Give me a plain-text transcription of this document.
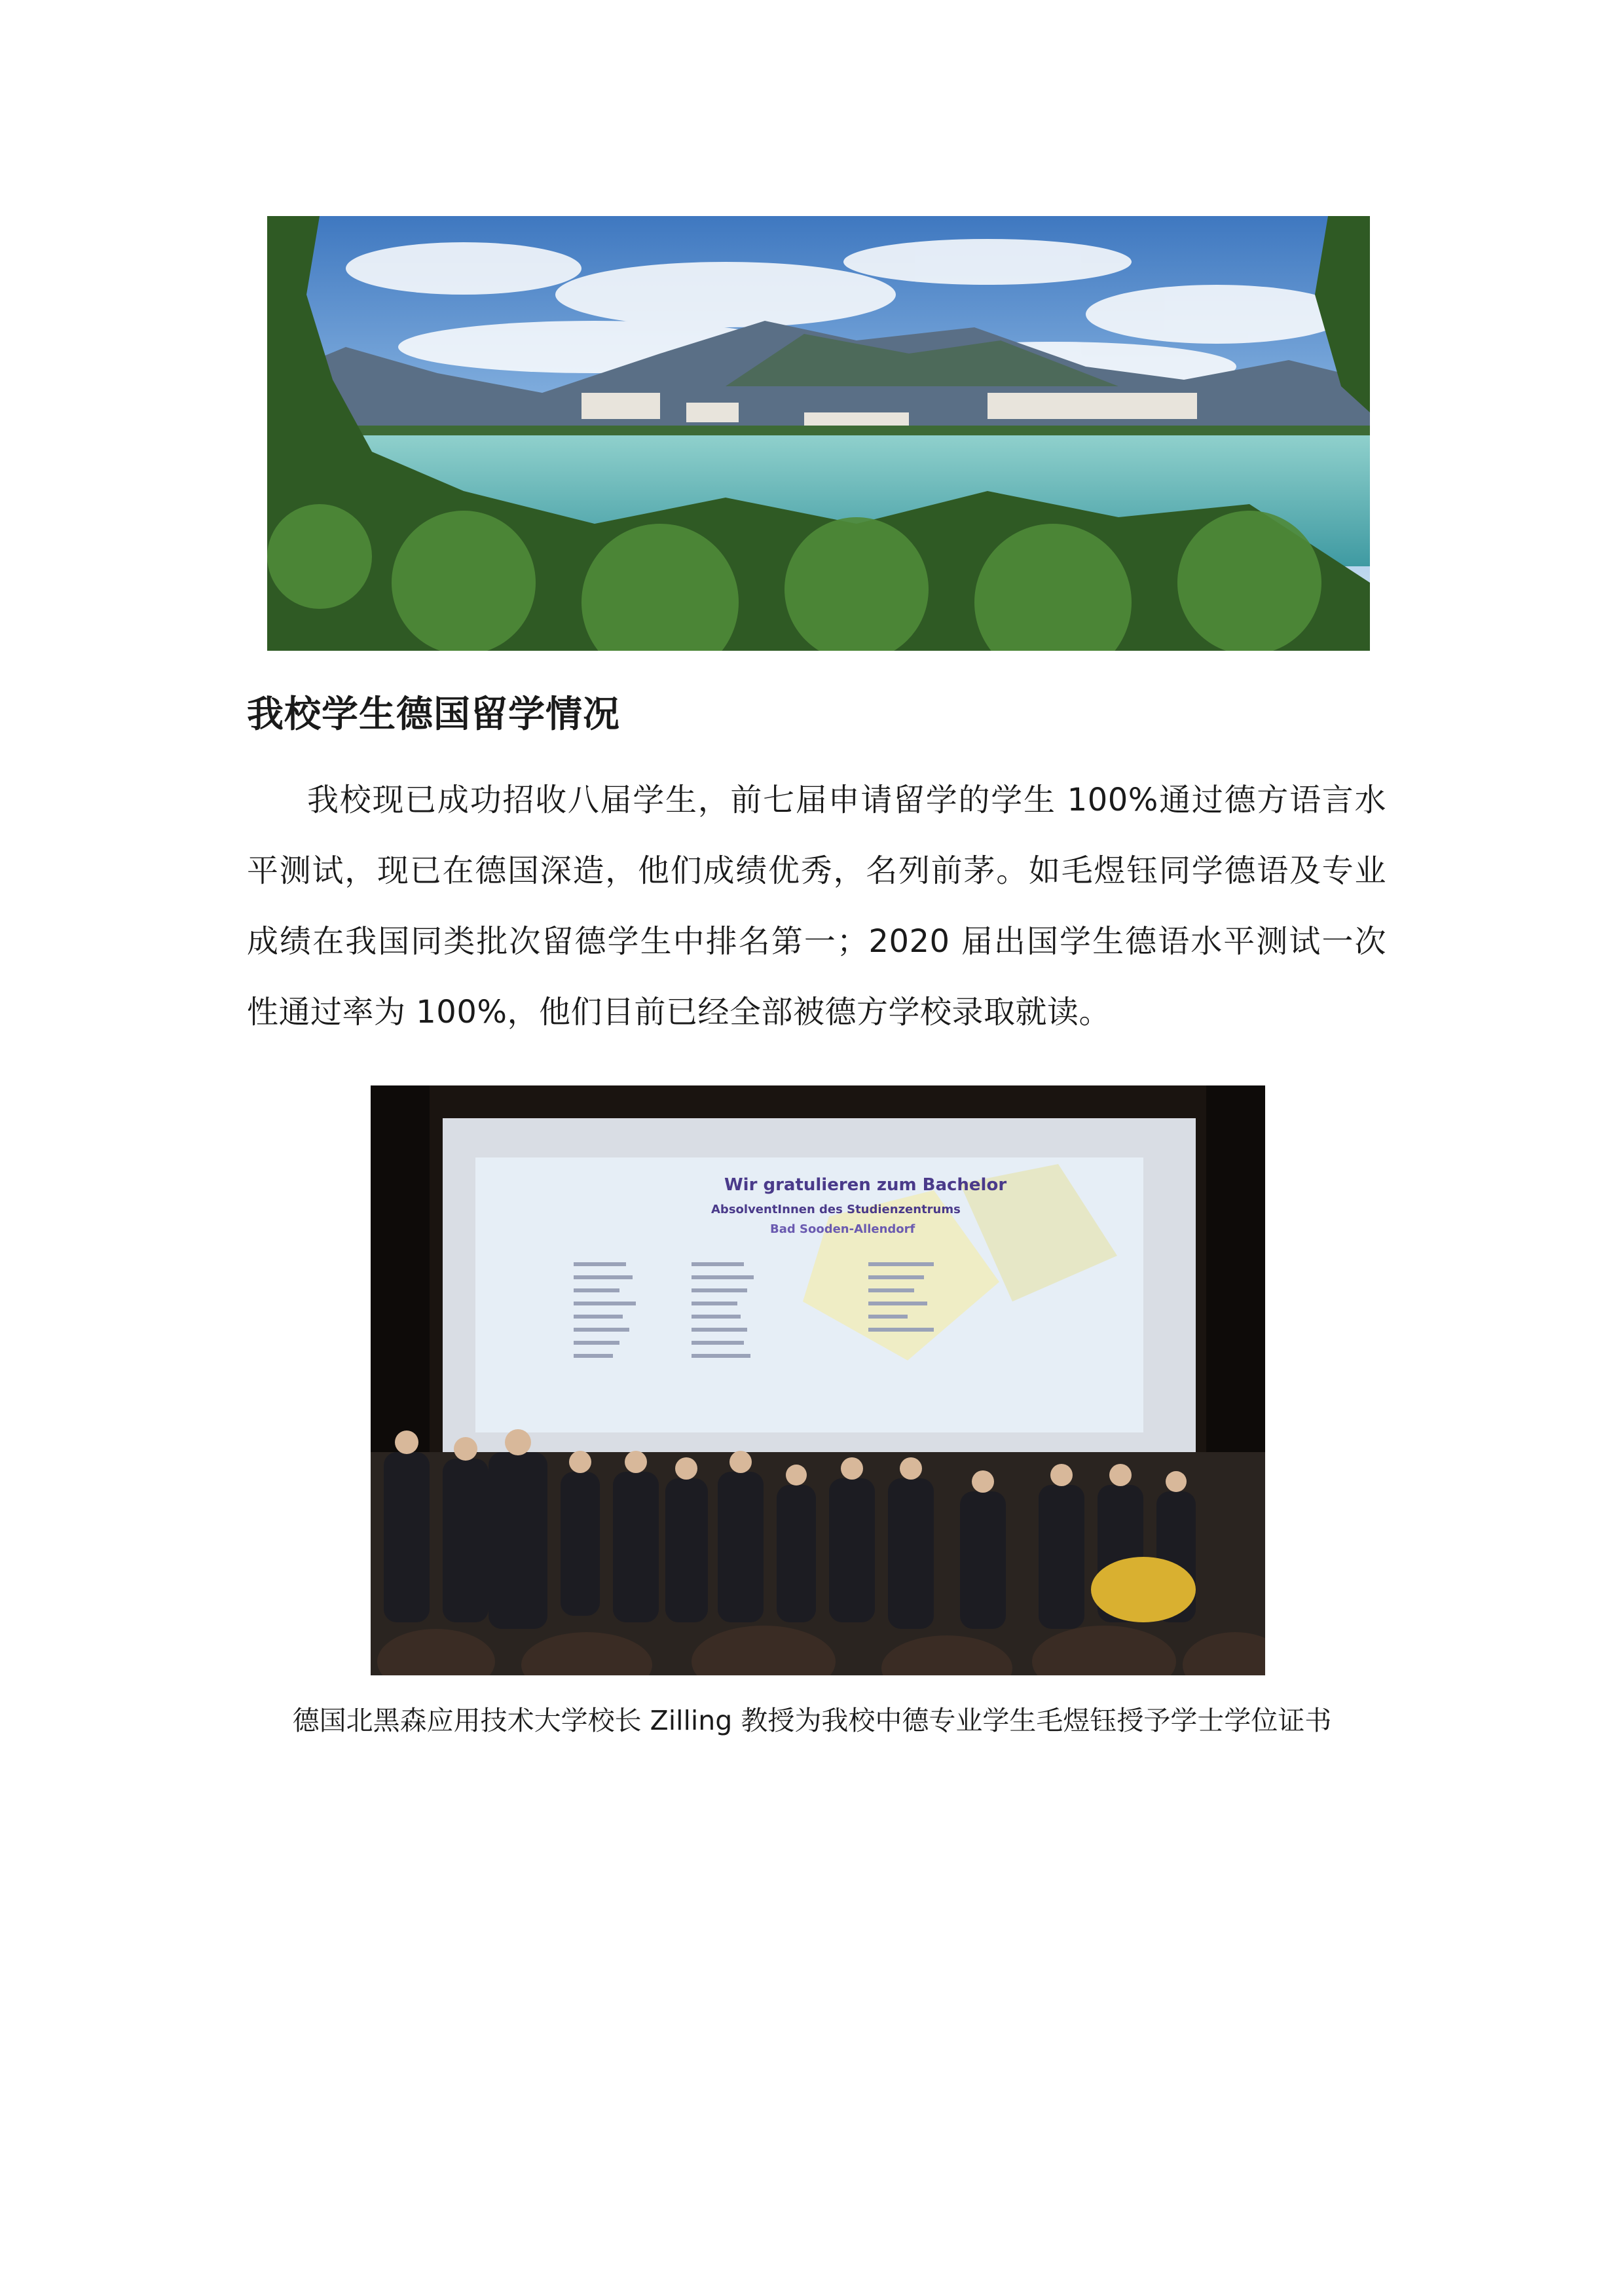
我校学生德国留学情况

我校现已成功招收八届学生，前七届申请留学的学生 100%通过德方语言水平测试，现已在德国深造，他们成绩优秀，名列前茅。如毛煜钰同学德语及专业成绩在我国同类批次留德学生中排名第一；2020 届出国学生德语水平测试一次性通过率为 100%，他们目前已经全部被德方学校录取就读。

Wir gratulieren zum Bachelor
AbsolventInnen des Studienzentrums
Bad Sooden-Allendorf

德国北黑森应用技术大学校长 Zilling 教授为我校中德专业学生毛煜钰授予学士学位证书
